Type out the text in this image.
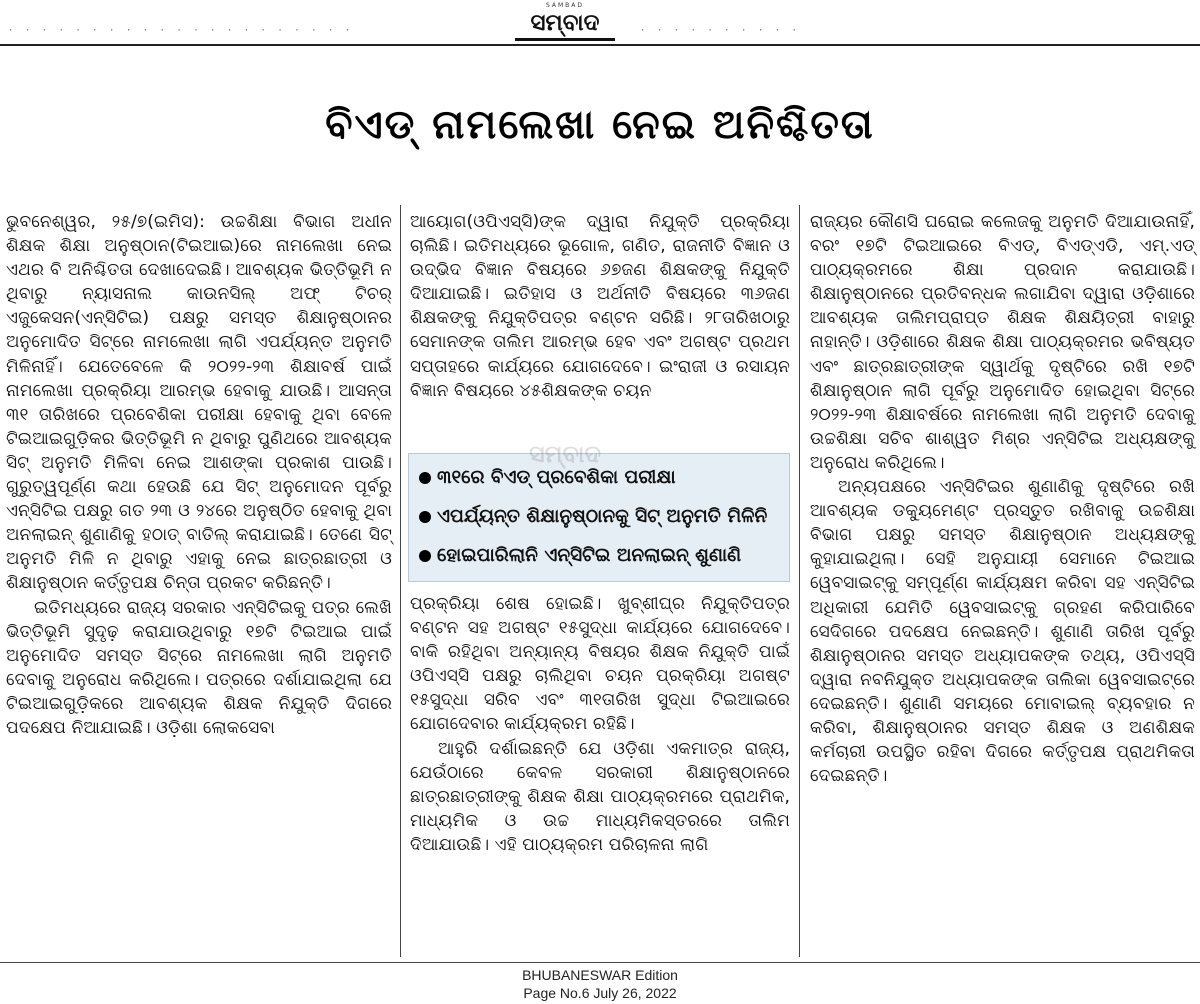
· · · · · · · · · · · · · · · · · · · · ·
SAMBAD
ସମ୍ବାଦ	· · · · · · · · · ·
ବିଏଡ୍ ନାମଲେଖା ନେଇ ଅନିଶ୍ଚିତତା

ଭୁବନେଶ୍ୱର, ୨୫/୭(ଇମିସ): ଉଚ୍ଚଶିକ୍ଷା ବିଭାଗ ଅଧୀନ ଶିକ୍ଷକ ଶିକ୍ଷା ଅନୁଷ୍ଠାନ(ଟିଇଆଇ)ରେ ନାମଲେଖା ନେଇ ଏଥର ବି ଅନିଶ୍ଚିତତା ଦେଖାଦେଇଛି। ଆବଶ୍ୟକ ଭିତ୍ତିଭୂମି ନ ଥିବାରୁ ନ୍ୟାସନାଲ କାଉନସିଲ୍ ଅଫ୍ ଟିଚର୍ ଏଜୁକେସନ(ଏନ୍‌ସିଟିଇ) ପକ୍ଷରୁ ସମସ୍ତ ଶିକ୍ଷାନୁଷ୍ଠାନର ଅନୁମୋଦିତ ସିଟ୍‌ରେ ନାମଲେଖା ଲାଗି ଏପର୍ଯ୍ୟନ୍ତ ଅନୁମତି ମିଳିନାହିଁ। ଯେତେବେଳେ କି ୨୦୨୨-୨୩ ଶିକ୍ଷାବର୍ଷ ପାଇଁ ନାମଲେଖା ପ୍ରକ୍ରିୟା ଆରମ୍ଭ ହେବାକୁ ଯାଉଛି। ଆସନ୍ତା ୩୧ ତାରିଖରେ ପ୍ରବେଶିକା ପରୀକ୍ଷା ହେବାକୁ ଥିବା ବେଳେ ଟିଇଆଇଗୁଡ଼ିକର ଭିତ୍ତିଭୂମି ନ ଥିବାରୁ ପୁଣିଥରେ ଆବଶ୍ୟକ ସିଟ୍ ଅନୁମତି ମିଳିବା ନେଇ ଆଶଙ୍କା ପ୍ରକାଶ ପାଉଛି। ଗୁରୁତ୍ୱପୂର୍ଣ୍ଣ କଥା ହେଉଛି ଯେ ସିଟ୍ ଅନୁମୋଦନ ପୂର୍ବରୁ ଏନ୍‌ସିଟିଇ ପକ୍ଷରୁ ଗତ ୨୩ ଓ ୨୪ରେ ଅନୁଷ୍ଠିତ ହେବାକୁ ଥିବା ଅନଲାଇନ୍ ଶୁଣାଣିକୁ ହଠାତ୍ ବାତିଲ୍ କରାଯାଇଛି। ତେଣେ ସିଟ୍ ଅନୁମତି ମିଳି ନ ଥିବାରୁ ଏହାକୁ ନେଇ ଛାତ୍ରଛାତ୍ରୀ ଓ ଶିକ୍ଷାନୁଷ୍ଠାନ କର୍ତ୍ତୃପକ୍ଷ ଚିନ୍ତା ପ୍ରକଟ କରିଛନ୍ତି।

ଇତିମଧ୍ୟରେ ରାଜ୍ୟ ସରକାର ଏନ୍‌ସିଟିଇକୁ ପତ୍ର ଲେଖି ଭିତ୍ତିଭୂମି ସୁଦୃଢ଼ କରାଯାଉଥିବାରୁ ୧୭ଟି ଟିଇଆଇ ପାଇଁ ଅନୁମୋଦିତ ସମସ୍ତ ସିଟ୍‌ରେ ନାମଲେଖା ଲାଗି ଅନୁମତି ଦେବାକୁ ଅନୁରୋଧ କରିଥିଲେ। ପତ୍ରରେ ଦର୍ଶାଯାଇଥିଲା ଯେ ଟିଇଆଇଗୁଡ଼ିକରେ ଆବଶ୍ୟକ ଶିକ୍ଷକ ନିଯୁକ୍ତି ଦିଗରେ ପଦକ୍ଷେପ ନିଆଯାଇଛି। ଓଡ଼ିଶା ଲୋକସେବା

ଆୟୋଗ(ଓପିଏସ୍‌ସି)ଙ୍କ ଦ୍ୱାରା ନିଯୁକ୍ତି ପ୍ରକ୍ରିୟା ଚାଲିଛି। ଇତିମଧ୍ୟରେ ଭୂଗୋଳ, ଗଣିତ, ରାଜନୀତି ବିଜ୍ଞାନ ଓ ଉଦ୍ଭିଦ ବିଜ୍ଞାନ ବିଷୟରେ ୬୭ଜଣ ଶିକ୍ଷକଙ୍କୁ ନିଯୁକ୍ତି ଦିଆଯାଇଛି। ଇତିହାସ ଓ ଅର୍ଥନୀତି ବିଷୟରେ ୩୬ଜଣ ଶିକ୍ଷକଙ୍କୁ ନିଯୁକ୍ତିପତ୍ର ବଣ୍ଟନ ସରିଛି। ୨୮ତାରିଖଠାରୁ ସେମାନଙ୍କ ତାଲିମ ଆରମ୍ଭ ହେବ ଏବଂ ଅଗଷ୍ଟ ପ୍ରଥମ ସପ୍ତାହରେ କାର୍ଯ୍ୟରେ ଯୋଗଦେବେ। ଇଂରାଜୀ ଓ ରସାୟନ ବିଜ୍ଞାନ ବିଷୟରେ ୪୫ଶିକ୍ଷକଙ୍କ ଚୟନ

୩୧ରେ ବିଏଡ୍ ପ୍ରବେଶିକା ପରୀକ୍ଷା
ଏପର୍ଯ୍ୟନ୍ତ ଶିକ୍ଷାନୁଷ୍ଠାନକୁ ସିଟ୍ ଅନୁମତି ମିଳିନି
ହୋଇପାରିଲାନି ଏନ୍‌ସିଟିଇ ଅନଲାଇନ୍ ଶୁଣାଣି
ସମ୍ବାଦ

ପ୍ରକ୍ରିୟା ଶେଷ ହୋଇଛି। ଖୁବ୍‌ଶୀଘ୍ର ନିଯୁକ୍ତିପତ୍ର ବଣ୍ଟନ ସହ ଅଗଷ୍ଟ ୧୫ସୁଦ୍ଧା କାର୍ଯ୍ୟରେ ଯୋଗଦେବେ। ବାକି ରହିଥିବା ଅନ୍ୟାନ୍ୟ ବିଷୟର ଶିକ୍ଷକ ନିଯୁକ୍ତି ପାଇଁ ଓପିଏସ୍‌ସି ପକ୍ଷରୁ ଚାଲିଥିବା ଚୟନ ପ୍ରକ୍ରିୟା ଅଗଷ୍ଟ ୧୫ସୁଦ୍ଧା ସରିବ ଏବଂ ୩୧ତାରିଖ ସୁଦ୍ଧା ଟିଇଆଇରେ ଯୋଗଦେବାର କାର୍ଯ୍ୟକ୍ରମ ରହିଛି।

ଆହୁରି ଦର୍ଶାଇଛନ୍ତି ଯେ ଓଡ଼ିଶା ଏକମାତ୍ର ରାଜ୍ୟ, ଯେଉଁଠାରେ କେବଳ ସରକାରୀ ଶିକ୍ଷାନୁଷ୍ଠାନରେ ଛାତ୍ରଛାତ୍ରୀଙ୍କୁ ଶିକ୍ଷକ ଶିକ୍ଷା ପାଠ୍ୟକ୍ରମରେ ପ୍ରାଥମିକ, ମାଧ୍ୟମିକ ଓ ଉଚ୍ଚ ମାଧ୍ୟମିକସ୍ତରରେ ତାଲିମ ଦିଆଯାଉଛି। ଏହି ପାଠ୍ୟକ୍ରମ ପରିଚାଳନା ଲାଗି

ରାଜ୍ୟର କୌଣସି ଘରୋଇ କଲେଜକୁ ଅନୁମତି ଦିଆଯାଉନାହିଁ, ବରଂ ୧୭ଟି ଟିଇଆଇରେ ବିଏଡ୍, ବିଏଡ୍‌ଏଡି, ଏମ୍.ଏଡ୍ ପାଠ୍ୟକ୍ରମରେ ଶିକ୍ଷା ପ୍ରଦାନ କରାଯାଉଛି। ଶିକ୍ଷାନୁଷ୍ଠାନରେ ପ୍ରତିବନ୍ଧକ ଲଗାଯିବା ଦ୍ୱାରା ଓଡ଼ିଶାରେ ଆବଶ୍ୟକ ତାଲିମପ୍ରାପ୍ତ ଶିକ୍ଷକ ଶିକ୍ଷୟିତ୍ରୀ ବାହାରୁ ନାହାନ୍ତି। ଓଡ଼ିଶାରେ ଶିକ୍ଷକ ଶିକ୍ଷା ପାଠ୍ୟକ୍ରମର ଭବିଷ୍ୟତ ଏବଂ ଛାତ୍ରଛାତ୍ରୀଙ୍କ ସ୍ୱାର୍ଥକୁ ଦୃଷ୍ଟିରେ ରଖି ୧୭ଟି ଶିକ୍ଷାନୁଷ୍ଠାନ ଲାଗି ପୂର୍ବରୁ ଅନୁମୋଦିତ ହୋଇଥିବା ସିଟ୍‌ରେ ୨୦୨୨-୨୩ ଶିକ୍ଷାବର୍ଷରେ ନାମଲେଖା ଲାଗି ଅନୁମତି ଦେବାକୁ ଉଚ୍ଚଶିକ୍ଷା ସଚିବ ଶାଶ୍ୱତ ମିଶ୍ର ଏନ୍‌ସିଟିଇ ଅଧ୍ୟକ୍ଷଙ୍କୁ ଅନୁରୋଧ କରିଥିଲେ।

ଅନ୍ୟପକ୍ଷରେ ଏନ୍‌ସିଟିଇର ଶୁଣାଣିକୁ ଦୃଷ୍ଟିରେ ରଖି ଆବଶ୍ୟକ ଡକ୍ୟୁମେଣ୍ଟ ପ୍ରସ୍ତୁତ ରଖିବାକୁ ଉଚ୍ଚଶିକ୍ଷା ବିଭାଗ ପକ୍ଷରୁ ସମସ୍ତ ଶିକ୍ଷାନୁଷ୍ଠାନ ଅଧ୍ୟକ୍ଷଙ୍କୁ କୁହାଯାଇଥିଲା। ସେହି ଅନୁଯାୟୀ ସେମାନେ ଟିଇଆଇ ୱେବସାଇଟ୍‌କୁ ସମ୍ପୂର୍ଣ୍ଣ କାର୍ଯ୍ୟକ୍ଷମ କରିବା ସହ ଏନ୍‌ସିଟିଇ ଅଧିକାରୀ ଯେମିତି ୱେବସାଇଟ୍‌କୁ ଗ୍ରହଣ କରିପାରିବେ ସେଦିଗରେ ପଦକ୍ଷେପ ନେଇଛନ୍ତି। ଶୁଣାଣି ତାରିଖ ପୂର୍ବରୁ ଶିକ୍ଷାନୁଷ୍ଠାନର ସମସ୍ତ ଅଧ୍ୟାପକଙ୍କ ତଥ୍ୟ, ଓପିଏସ୍‌ସି ଦ୍ୱାରା ନବନିଯୁକ୍ତ ଅଧ୍ୟାପକଙ୍କ ତାଲିକା ୱେବସାଇଟ୍‌ରେ ଦେଇଛନ୍ତି। ଶୁଣାଣି ସମୟରେ ମୋବାଇଲ୍ ବ୍ୟବହାର ନ କରିବା, ଶିକ୍ଷାନୁଷ୍ଠାନର ସମସ୍ତ ଶିକ୍ଷକ ଓ ଅଣଶିକ୍ଷକ କର୍ମଚାରୀ ଉପସ୍ଥିତ ରହିବା ଦିଗରେ କର୍ତ୍ତୃପକ୍ଷ ପ୍ରାଥମିକତା ଦେଇଛନ୍ତି।

BHUBANESWAR Edition
Page No.6 July 26, 2022
